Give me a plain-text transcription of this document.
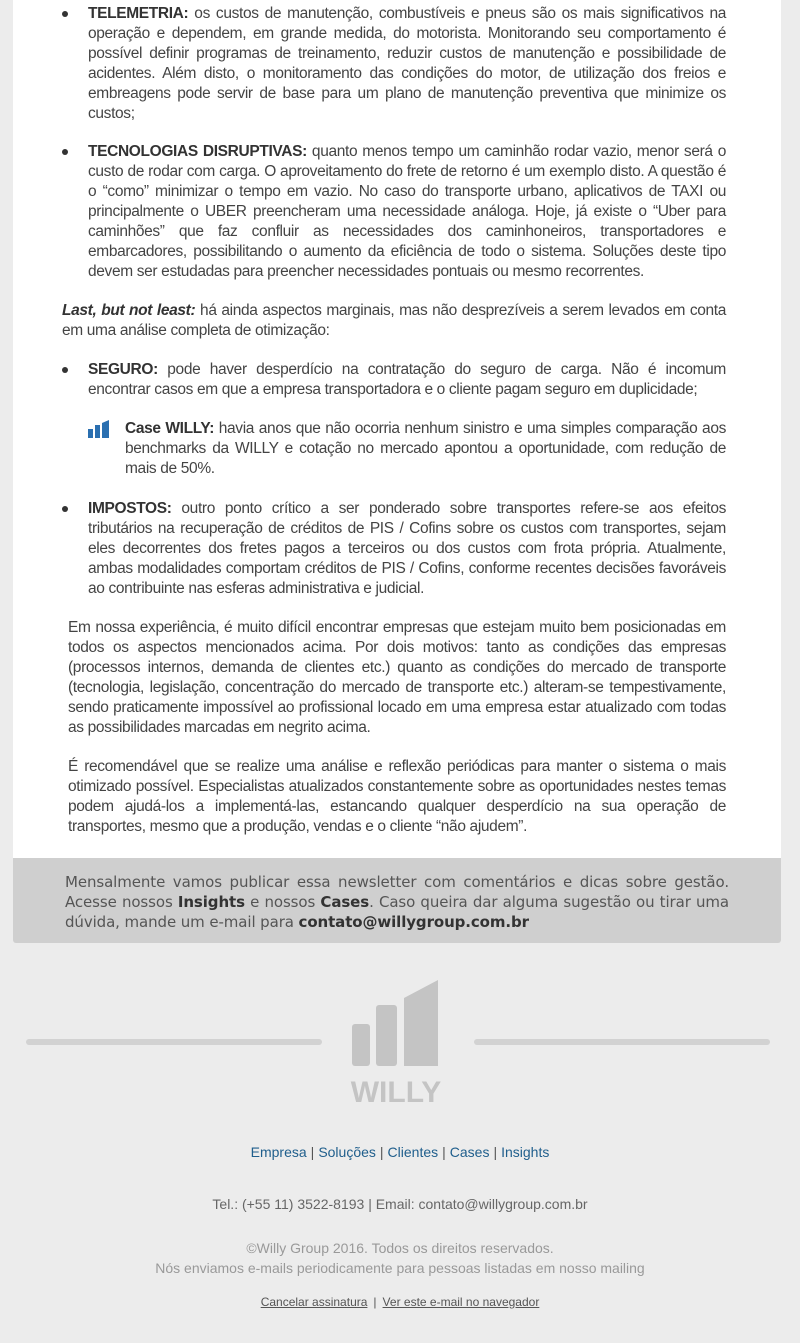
TELEMETRIA: os custos de manutenção, combustíveis e pneus são os mais significativos na operação e dependem, em grande medida, do motorista. Monitorando seu comportamento é possível definir programas de treinamento, reduzir custos de manutenção e possibilidade de acidentes. Além disto, o monitoramento das condições do motor, de utilização dos freios e embreagens pode servir de base para um plano de manutenção preventiva que minimize os custos;
TECNOLOGIAS DISRUPTIVAS: quanto menos tempo um caminhão rodar vazio, menor será o custo de rodar com carga. O aproveitamento do frete de retorno é um exemplo disto. A questão é o “como” minimizar o tempo em vazio. No caso do transporte urbano, aplicativos de TAXI ou principalmente o UBER preencheram uma necessidade análoga. Hoje, já existe o “Uber para caminhões” que faz confluir as necessidades dos caminhoneiros, transportadores e embarcadores, possibilitando o aumento da eficiência de todo o sistema. Soluções deste tipo devem ser estudadas para preencher necessidades pontuais ou mesmo recorrentes.
Last, but not least: há ainda aspectos marginais, mas não desprezíveis a serem levados em conta em uma análise completa de otimização:
SEGURO: pode haver desperdício na contratação do seguro de carga. Não é incomum encontrar casos em que a empresa transportadora e o cliente pagam seguro em duplicidade;
Case WILLY: havia anos que não ocorria nenhum sinistro e uma simples comparação aos benchmarks da WILLY e cotação no mercado apontou a oportunidade, com redução de mais de 50%.
IMPOSTOS: outro ponto crítico a ser ponderado sobre transportes refere-se aos efeitos tributários na recuperação de créditos de PIS / Cofins sobre os custos com transportes, sejam eles decorrentes dos fretes pagos a terceiros ou dos custos com frota própria. Atualmente, ambas modalidades comportam créditos de PIS / Cofins, conforme recentes decisões favoráveis ao contribuinte nas esferas administrativa e judicial.
Em nossa experiência, é muito difícil encontrar empresas que estejam muito bem posicionadas em todos os aspectos mencionados acima. Por dois motivos: tanto as condições das empresas (processos internos, demanda de clientes etc.) quanto as condições do mercado de transporte (tecnologia, legislação, concentração do mercado de transporte etc.) alteram-se tempestivamente, sendo praticamente impossível ao profissional locado em uma empresa estar atualizado com todas as possibilidades marcadas em negrito acima.
É recomendável que se realize uma análise e reflexão periódicas para manter o sistema o mais otimizado possível. Especialistas atualizados constantemente sobre as oportunidades nestes temas podem ajudá-los a implementá-las, estancando qualquer desperdício na sua operação de transportes, mesmo que a produção, vendas e o cliente “não ajudem”.

Mensalmente vamos publicar essa newsletter com comentários e dicas sobre gestão. Acesse nossos Insights e nossos Cases. Caso queira dar alguma sugestão ou tirar uma dúvida, mande um e-mail para contato@willygroup.com.br

WILLY
Empresa | Soluções | Clientes | Cases | Insights
Tel.: (+55 11) 3522-8193 | Email: contato@willygroup.com.br
©Willy Group 2016. Todos os direitos reservados.
Nós enviamos e-mails periodicamente para pessoas listadas em nosso mailing
Cancelar assinatura | Ver este e-mail no navegador
